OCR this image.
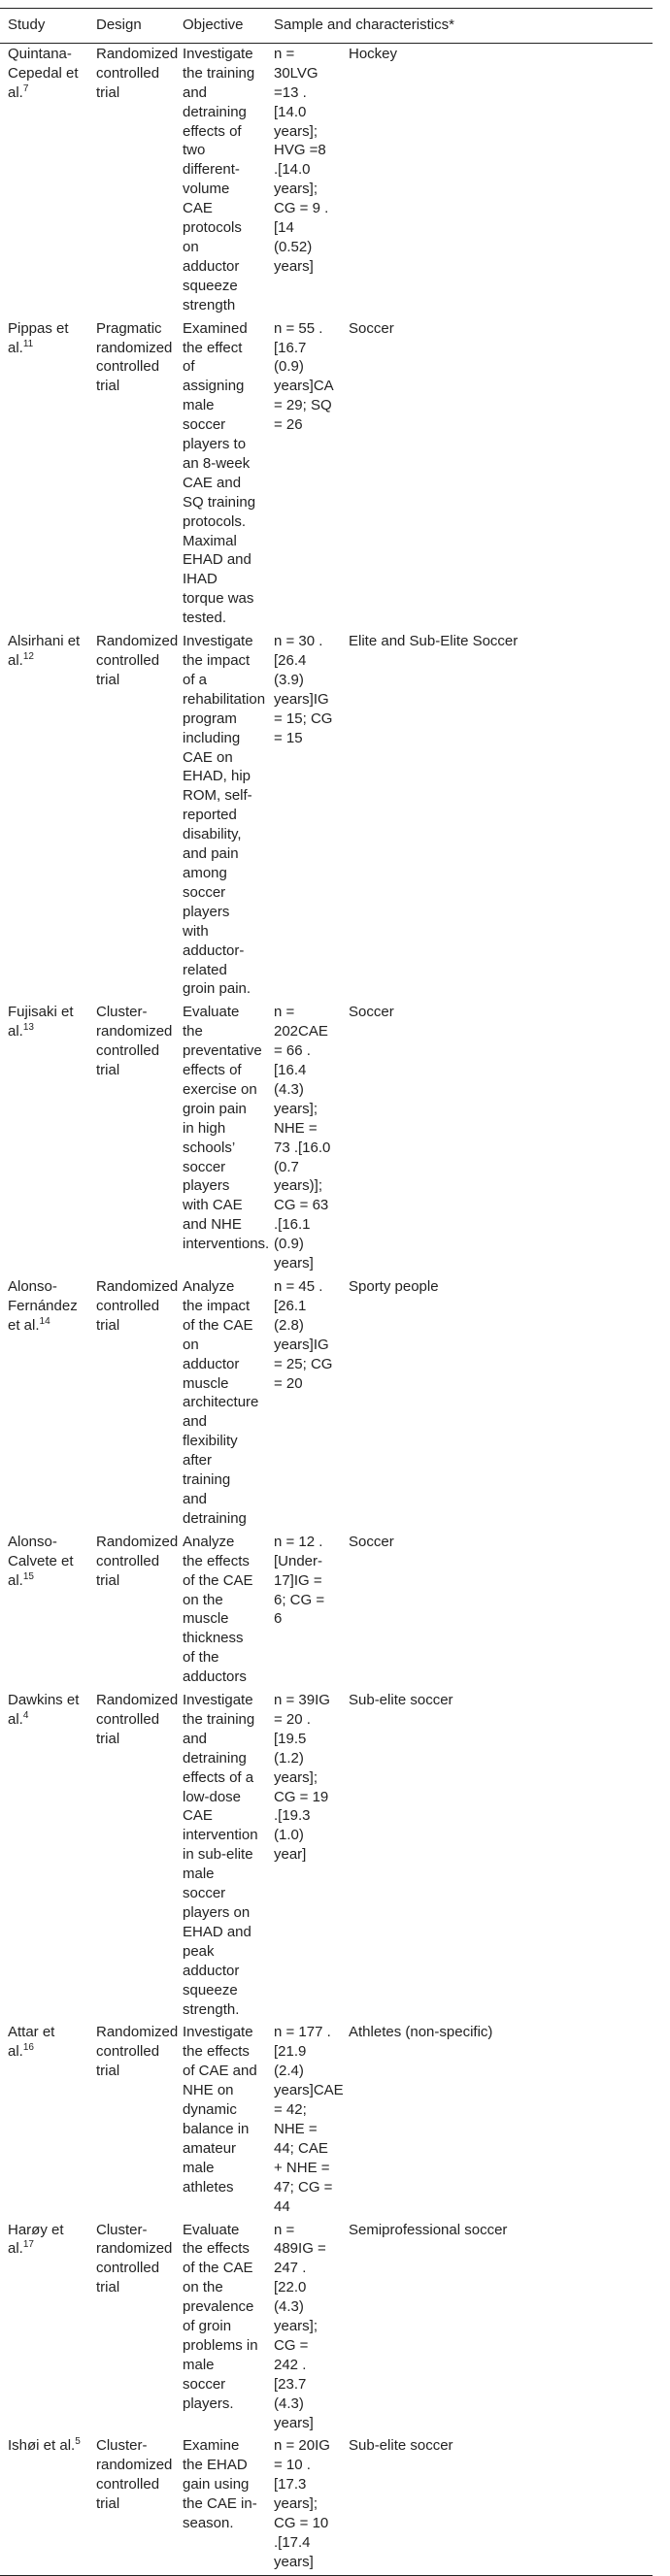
Study	Design	Objective	Sample and characteristics*	
Quintana-Cepedal et al.$^7$	Randomized controlled trial	Investigate the training and detraining effects of two different-volume CAE protocols on adductor squeeze strength	n = 30LVG =13 .[14.0 years]; HVG =8 .[14.0 years]; CG = 9 .[14 (0.52) years]	Hockey
Pippas et al.$^{11}$	Pragmatic randomized controlled trial	Examined the effect of assigning male soccer players to an 8-week CAE and SQ training protocols. Maximal EHAD and IHAD torque was tested.	n = 55 .[16.7 (0.9) years]CA = 29; SQ = 26	Soccer
Alsirhani et al.$^{12}$	Randomized controlled trial	Investigate the impact of a rehabilitation program including CAE on EHAD, hip ROM, self-reported disability, and pain among soccer players with adductor-related groin pain.	n = 30 .[26.4 (3.9) years]IG = 15; CG = 15	Elite and Sub-Elite Soccer
Fujisaki et al.$^{13}$	Cluster-randomized controlled trial	Evaluate the preventative effects of exercise on groin pain in high schools’ soccer players with CAE and NHE interventions.	n = 202CAE = 66 .[16.4 (4.3) years]; NHE = 73 .[16.0 (0.7 years)]; CG = 63 .[16.1 (0.9) years]	Soccer
Alonso-Fernández et al.$^{14}$	Randomized controlled trial	Analyze the impact of the CAE on adductor muscle architecture and flexibility after training and detraining	n = 45 .[26.1 (2.8) years]IG = 25; CG = 20	Sporty people
Alonso-Calvete et al.$^{15}$	Randomized controlled trial	Analyze the effects of the CAE on the muscle thickness of the adductors	n = 12 .[Under-17]IG = 6; CG = 6	Soccer
Dawkins et al.$^4$	Randomized controlled trial	Investigate the training and detraining effects of a low-dose CAE intervention in sub-elite male soccer players on EHAD and peak adductor squeeze strength.	n = 39IG = 20 .[19.5 (1.2) years]; CG = 19 .[19.3 (1.0) year]	Sub-elite soccer
Attar et al.$^{16}$	Randomized controlled trial	Investigate the effects of CAE and NHE on dynamic balance in amateur male athletes	n = 177 .[21.9 (2.4) years]CAE = 42; NHE = 44; CAE + NHE = 47; CG = 44	Athletes (non-specific)
Harøy et al.$^{17}$	Cluster-randomized controlled trial	Evaluate the effects of the CAE on the prevalence of groin problems in male soccer players.	n = 489IG = 247 .[22.0 (4.3) years]; CG = 242 .[23.7 (4.3) years]	Semiprofessional soccer
Ishøi et al.$^5$	Cluster-randomized controlled trial	Examine the EHAD gain using the CAE in-season.	n = 20IG = 10 .[17.3 years]; CG = 10 .[17.4 years]	Sub-elite soccer
